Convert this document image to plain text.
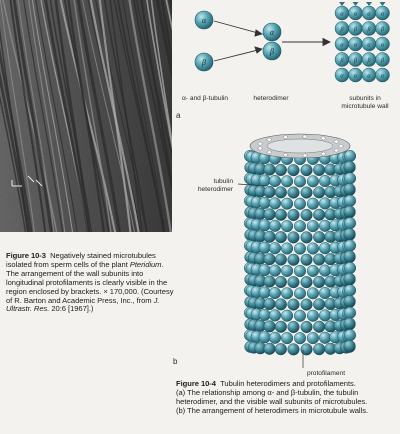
α
β
α
β
α
β
α
β
α
α
β
α
β
α
α
β
α
β
α
α
β
α
β
α
α- and β-tubulin	heterodimer	subunits in microtubule wall
a
b
tubulin heterodimer
protofilament
Figure 10-3 Negatively stained microtubules isolated from sperm cells of the plant Pteridium. The arrangement of the wall subunits into longitudinal protofilaments is clearly visible in the region enclosed by brackets. × 170,000. (Courtesy of R. Barton and Academic Press, Inc., from J. Ultrastr. Res. 20:6 [1967].)
Figure 10-4 Tubulin heterodimers and protofilaments.
(a) The relationship among α- and β-tubulin, the tubulin heterodimer, and the visible wall subunits of microtubules.
(b) The arrangement of heterodimers in microtubule walls.
